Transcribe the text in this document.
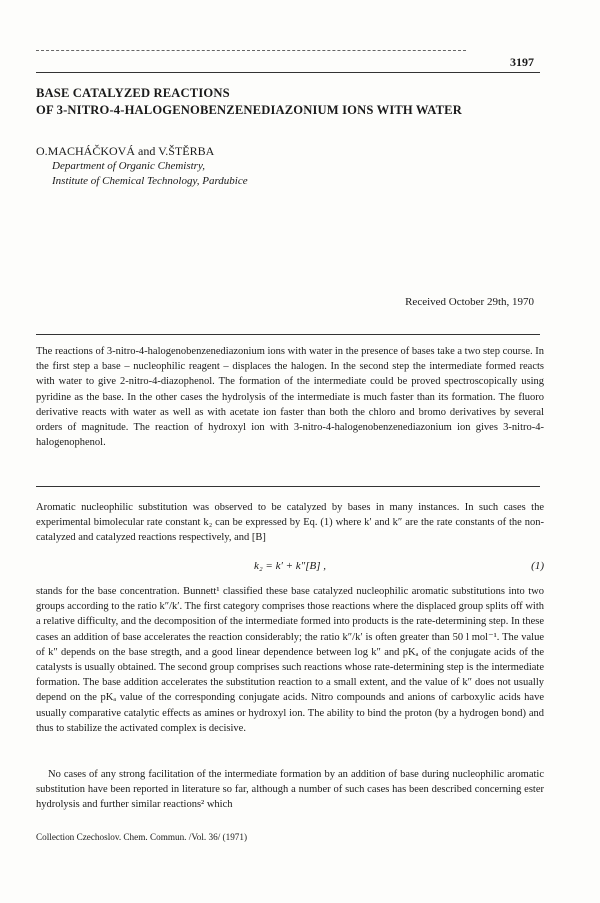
3197
BASE CATALYZED REACTIONS
OF 3-NITRO-4-HALOGENOBENZENEDIAZONIUM IONS WITH WATER
O.MACHÁČKOVÁ and V.ŠTĚRBA
Department of Organic Chemistry,
Institute of Chemical Technology, Pardubice
Received October 29th, 1970

The reactions of 3-nitro-4-halogenobenzenediazonium ions with water in the presence of bases take a two step course. In the first step a base – nucleophilic reagent – displaces the halogen. In the second step the intermediate formed reacts with water to give 2-nitro-4-diazophenol. The formation of the intermediate could be proved spectroscopically using pyridine as the base. In the other cases the hydrolysis of the intermediate is much faster than its formation. The fluoro derivative reacts with water as well as with acetate ion faster than both the chloro and bromo derivatives by several orders of magnitude. The reaction of hydroxyl ion with 3-nitro-4-halogenobenzenediazonium ion gives 3-nitro-4-halogenophenol.

Aromatic nucleophilic substitution was observed to be catalyzed by bases in many instances. In such cases the experimental bimolecular rate constant k₂ can be expressed by Eq. (1) where k′ and k″ are the rate constants of the non-catalyzed and catalyzed reactions respectively, and [B]

k₂ = k′ + k″[B] ,	(1)

stands for the base concentration. Bunnett¹ classified these base catalyzed nucleophilic aromatic substitutions into two groups according to the ratio k″/k′. The first category comprises those reactions where the displaced group splits off with a relative difficulty, and the decomposition of the intermediate formed into products is the rate-determining step. In these cases an addition of base accelerates the reaction considerably; the ratio k″/k′ is often greater than 50 l mol⁻¹. The value of k″ depends on the base stregth, and a good linear dependence between log k″ and pKₐ of the conjugate acids of the catalysts is usually obtained. The second group comprises such reactions whose rate-determining step is the intermediate formation. The base addition accelerates the substitution reaction to a small extent, and the value of k″ does not usually depend on the pKₐ value of the corresponding conjugate acids. Nitro compounds and anions of carboxylic acids have usually comparative catalytic effects as amines or hydroxyl ion. The ability to bind the proton (by a hydrogen bond) and thus to stabilize the activated complex is decisive.

No cases of any strong facilitation of the intermediate formation by an addition of base during nucleophilic aromatic substitution have been reported in literature so far, although a number of such cases has been described concerning ester hydrolysis and further similar reactions² which

Collection Czechoslov. Chem. Commun. /Vol. 36/ (1971)
